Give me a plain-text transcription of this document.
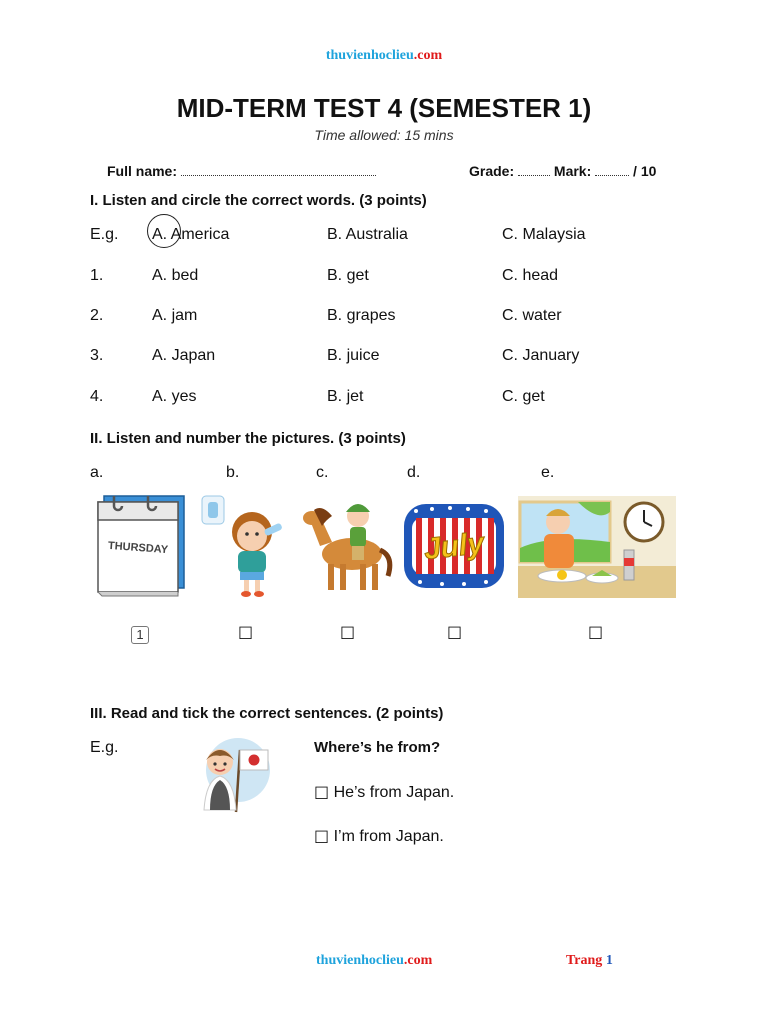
thuvienhoclieu.com
MID-TERM TEST 4 (SEMESTER 1)
Time allowed: 15 mins
Full name:	Grade:	Mark:	/ 10
I. Listen and circle the correct words. (3 points)
E.g. A. America	B. Australia	C. Malaysia
1.	A. bed	B. get	C. head
2.	A. jam	B. grapes	C. water
3.	A. Japan	B. juice	C. January
4.	A. yes	B. jet	C. get
II. Listen and number the pictures. (3 points)
a.	b.	c.	d.	e.
THURSDAY	July
1	□	□	□	□
III. Read and tick the correct sentences. (2 points)
E.g.	Where’s he from?
□ He’s from Japan.
□ I’m from Japan.
thuvienhoclieu.com	Trang 1
